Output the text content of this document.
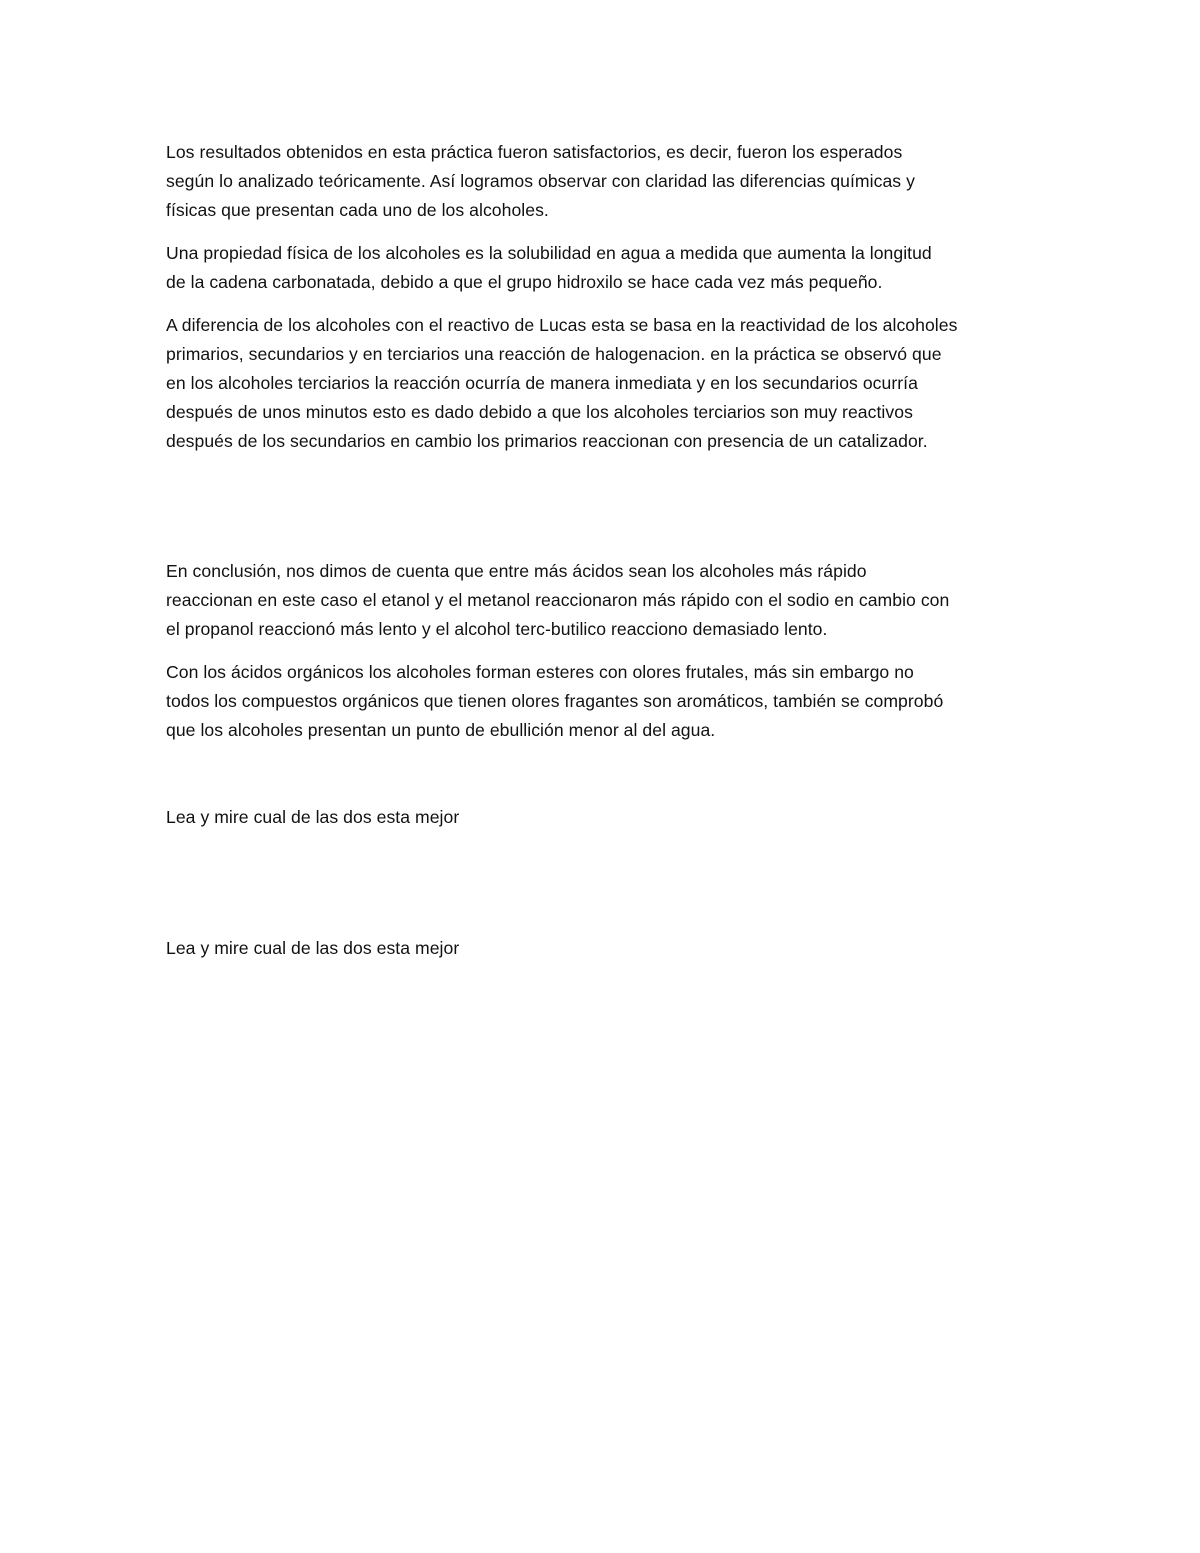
Los resultados obtenidos en esta práctica fueron satisfactorios, es decir, fueron los esperados
según lo analizado teóricamente. Así logramos observar con claridad las diferencias químicas y
físicas que presentan cada uno de los alcoholes.

Una propiedad física de los alcoholes es la solubilidad en agua a medida que aumenta la longitud
de la cadena carbonatada, debido a que el grupo hidroxilo se hace cada vez más pequeño.

A diferencia de los alcoholes con el reactivo de Lucas esta se basa en la reactividad de los alcoholes
primarios, secundarios y en terciarios una reacción de halogenacion. en la práctica se observó que
en los alcoholes terciarios la reacción ocurría de manera inmediata y en los secundarios ocurría
después de unos minutos esto es dado debido a que los alcoholes terciarios son muy reactivos
después de los secundarios en cambio los primarios reaccionan con presencia de un catalizador.

En conclusión, nos dimos de cuenta que entre más ácidos sean los alcoholes más rápido
reaccionan en este caso el etanol y el metanol reaccionaron más rápido con el sodio en cambio con
el propanol reaccionó más lento y el alcohol terc-butilico reacciono demasiado lento.

Con los ácidos orgánicos los alcoholes forman esteres con olores frutales, más sin embargo no
todos los compuestos orgánicos que tienen olores fragantes son aromáticos, también se comprobó
que los alcoholes presentan un punto de ebullición menor al del agua.

Lea y mire cual de las dos esta mejor

Lea y mire cual de las dos esta mejor
